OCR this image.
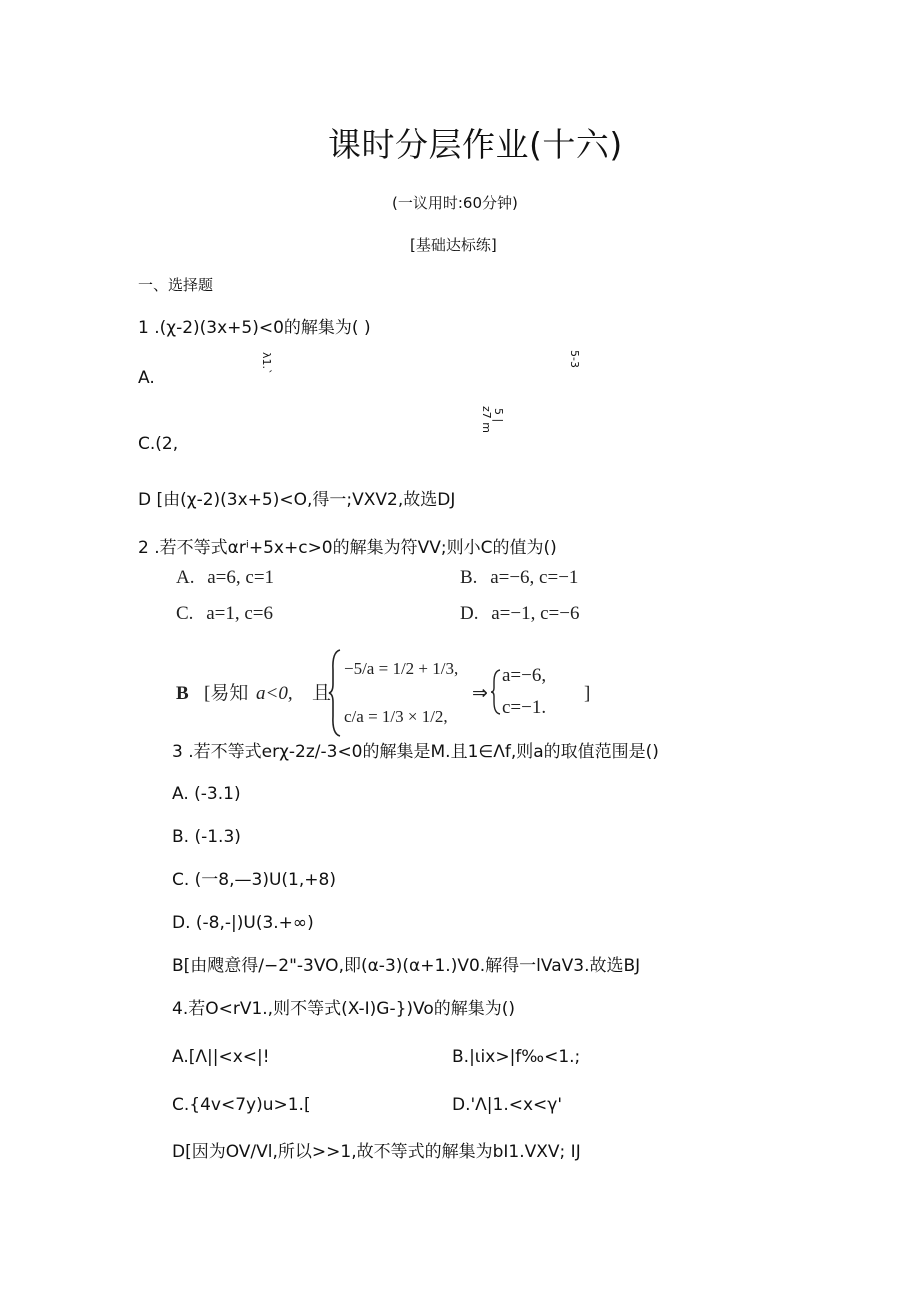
课时分层作业(十六)
(一议用时:60分钟)
[基础达标练]
一、选择题
1 .(χ-2)(3x+5)<0的解集为( )
A.
λ1.`	5-3
5 |
z7 m
C.(2,
D [由(χ-2)(3x+5)<O,得一;VXV2,故选DJ
2 .若不等式αrⁱ+5x+c>0的解集为符VV;则小C的值为()
A. a=6, c=1	B. a=−6, c=−1
C. a=1, c=6	D. a=−1, c=−6
B [易知 a<0, 且
−5/a = 1/2 + 1/3,
c/a = 1/3 × 1/2,
⇒
a=−6,
c=−1.
]
3 .若不等式erχ-2z/-3<0的解集是M.且1∈Λf,则a的取值范围是()
A. (-3.1)
B. (-1.3)
C. (一8,—3)U(1,+8)
D. (-8,-|)U(3.+∞)
B[由飕意得/−2"-3VO,即(α-3)(α+1.)V0.解得一lVaV3.故选BJ
4.若O<rV1.,则不等式(X-I)G-})Vo的解集为()
A.[Λ||<x<|!	B.|ιix>|f‰<1.;
C.{4v<7y)u>1.[	D.'Λ|1.<x<γ'
D[因为OV/Vl,所以>>1,故不等式的解集为bI1.VXV; IJ
